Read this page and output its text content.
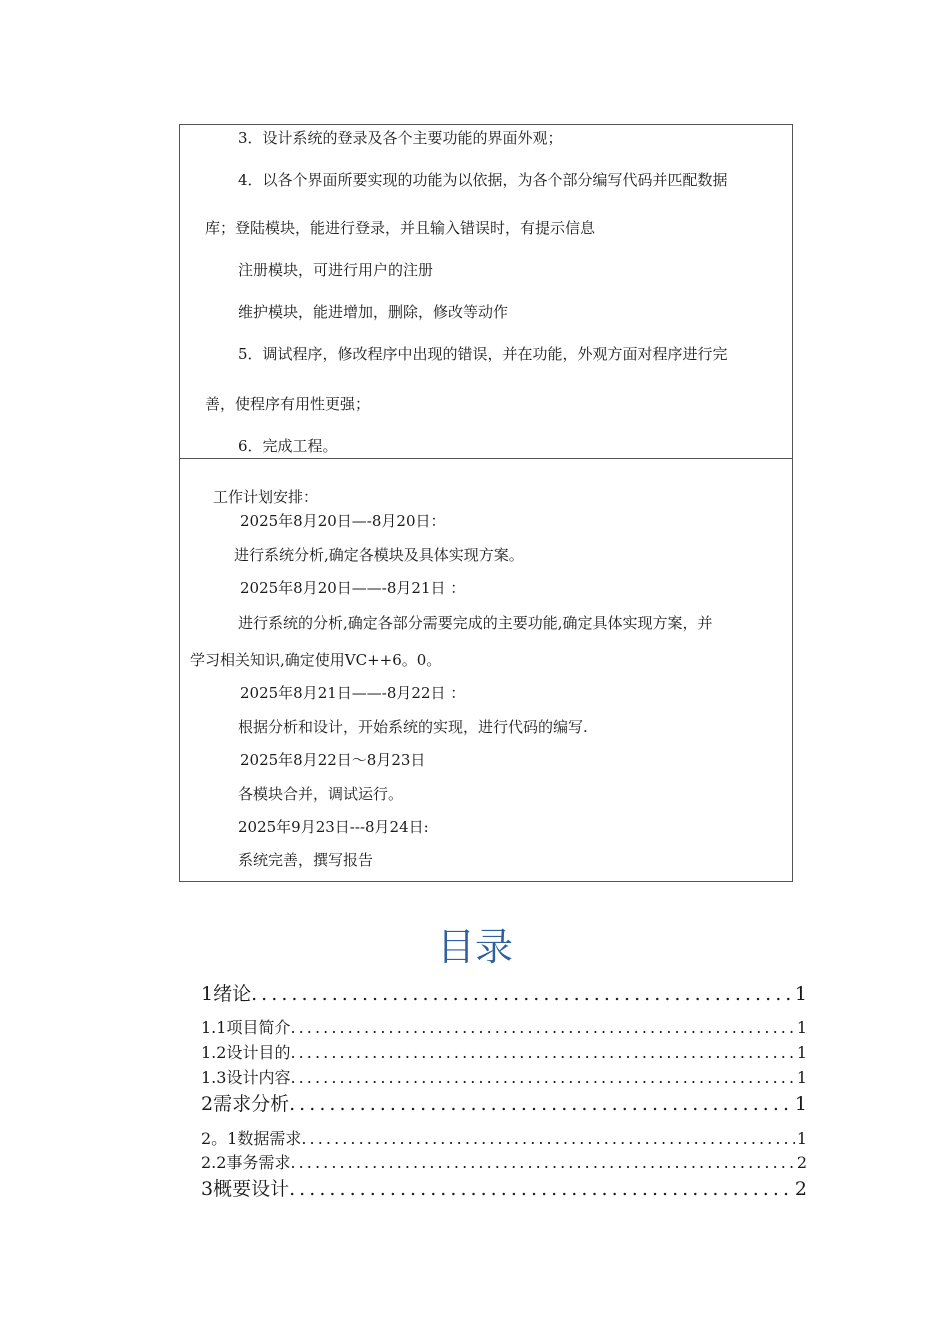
3．设计系统的登录及各个主要功能的界面外观；
4．以各个界面所要实现的功能为以依据，为各个部分编写代码并匹配数据
库；登陆模块，能进行登录，并且输入错误时，有提示信息
注册模块，可进行用户的注册
维护模块，能进增加，删除，修改等动作
5．调试程序，修改程序中出现的错误，并在功能，外观方面对程序进行完
善，使程序有用性更强；
6．完成工程。
工作计划安排：
2025年8月20日—-8月20日：
进行系统分析,确定各模块及具体实现方案。
2025年8月20日——-8月21日 ：
进行系统的分析,确定各部分需要完成的主要功能,确定具体实现方案，并
学习相关知识,确定使用VC++6。0。
2025年8月21日——-8月22日 ：
根据分析和设计，开始系统的实现，进行代码的编写.
2025年8月22日～8月23日
各模块合并，调试运行。
2025年9月23日---8月24日:
系统完善，撰写报告
目录
1绪论 . . .	1
1.1项目简介 . . .	1
1.2设计目的 . . .	1
1.3设计内容 . . .	1
2需求分析 . . .	1
2。1数据需求 . . .	1
2.2事务需求 . . .	2
3概要设计 . . .	2
